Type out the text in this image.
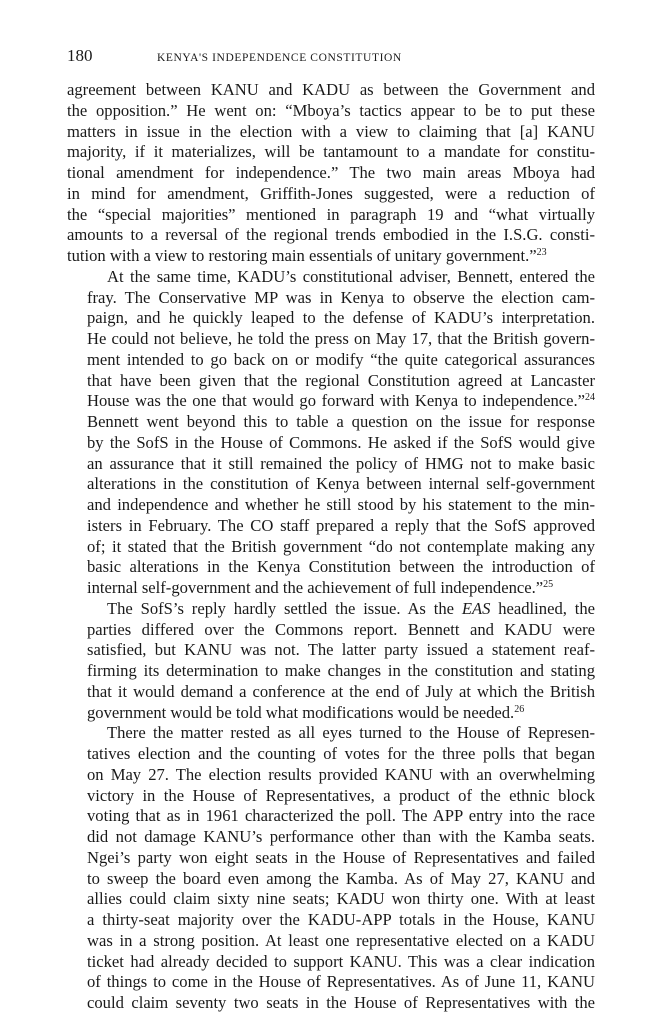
180	KENYA'S INDEPENDENCE CONSTITUTION

agreement between KANU and KADU as between the Government and
the opposition.” He went on: “Mboya’s tactics appear to be to put these
matters in issue in the election with a view to claiming that [a] KANU
majority, if it materializes, will be tantamount to a mandate for constitu-
tional amendment for independence.” The two main areas Mboya had
in mind for amendment, Griffith-Jones suggested, were a reduction of
the “special majorities” mentioned in paragraph 19 and “what virtually
amounts to a reversal of the regional trends embodied in the I.S.G. consti-
tution with a view to restoring main essentials of unitary government.”$^{23}$

At the same time, KADU’s constitutional adviser, Bennett, entered the
fray. The Conservative MP was in Kenya to observe the election cam-
paign, and he quickly leaped to the defense of KADU’s interpretation.
He could not believe, he told the press on May 17, that the British govern-
ment intended to go back on or modify “the quite categorical assurances
that have been given that the regional Constitution agreed at Lancaster
House was the one that would go forward with Kenya to independence.”$^{24}$
Bennett went beyond this to table a question on the issue for response
by the SofS in the House of Commons. He asked if the SofS would give
an assurance that it still remained the policy of HMG not to make basic
alterations in the constitution of Kenya between internal self-government
and independence and whether he still stood by his statement to the min-
isters in February. The CO staff prepared a reply that the SofS approved
of; it stated that the British government “do not contemplate making any
basic alterations in the Kenya Constitution between the introduction of
internal self-government and the achievement of full independence.”$^{25}$

The SofS’s reply hardly settled the issue. As the EAS headlined, the
parties differed over the Commons report. Bennett and KADU were
satisfied, but KANU was not. The latter party issued a statement reaf-
firming its determination to make changes in the constitution and stating
that it would demand a conference at the end of July at which the British
government would be told what modifications would be needed.$^{26}$

There the matter rested as all eyes turned to the House of Represen-
tatives election and the counting of votes for the three polls that began
on May 27. The election results provided KANU with an overwhelming
victory in the House of Representatives, a product of the ethnic block
voting that as in 1961 characterized the poll. The APP entry into the race
did not damage KANU’s performance other than with the Kamba seats.
Ngei’s party won eight seats in the House of Representatives and failed
to sweep the board even among the Kamba. As of May 27, KANU and
allies could claim sixty nine seats; KADU won thirty one. With at least
a thirty-seat majority over the KADU-APP totals in the House, KANU
was in a strong position. At least one representative elected on a KADU
ticket had already decided to support KANU. This was a clear indication
of things to come in the House of Representatives. As of June 11, KANU
could claim seventy two seats in the House of Representatives with the
